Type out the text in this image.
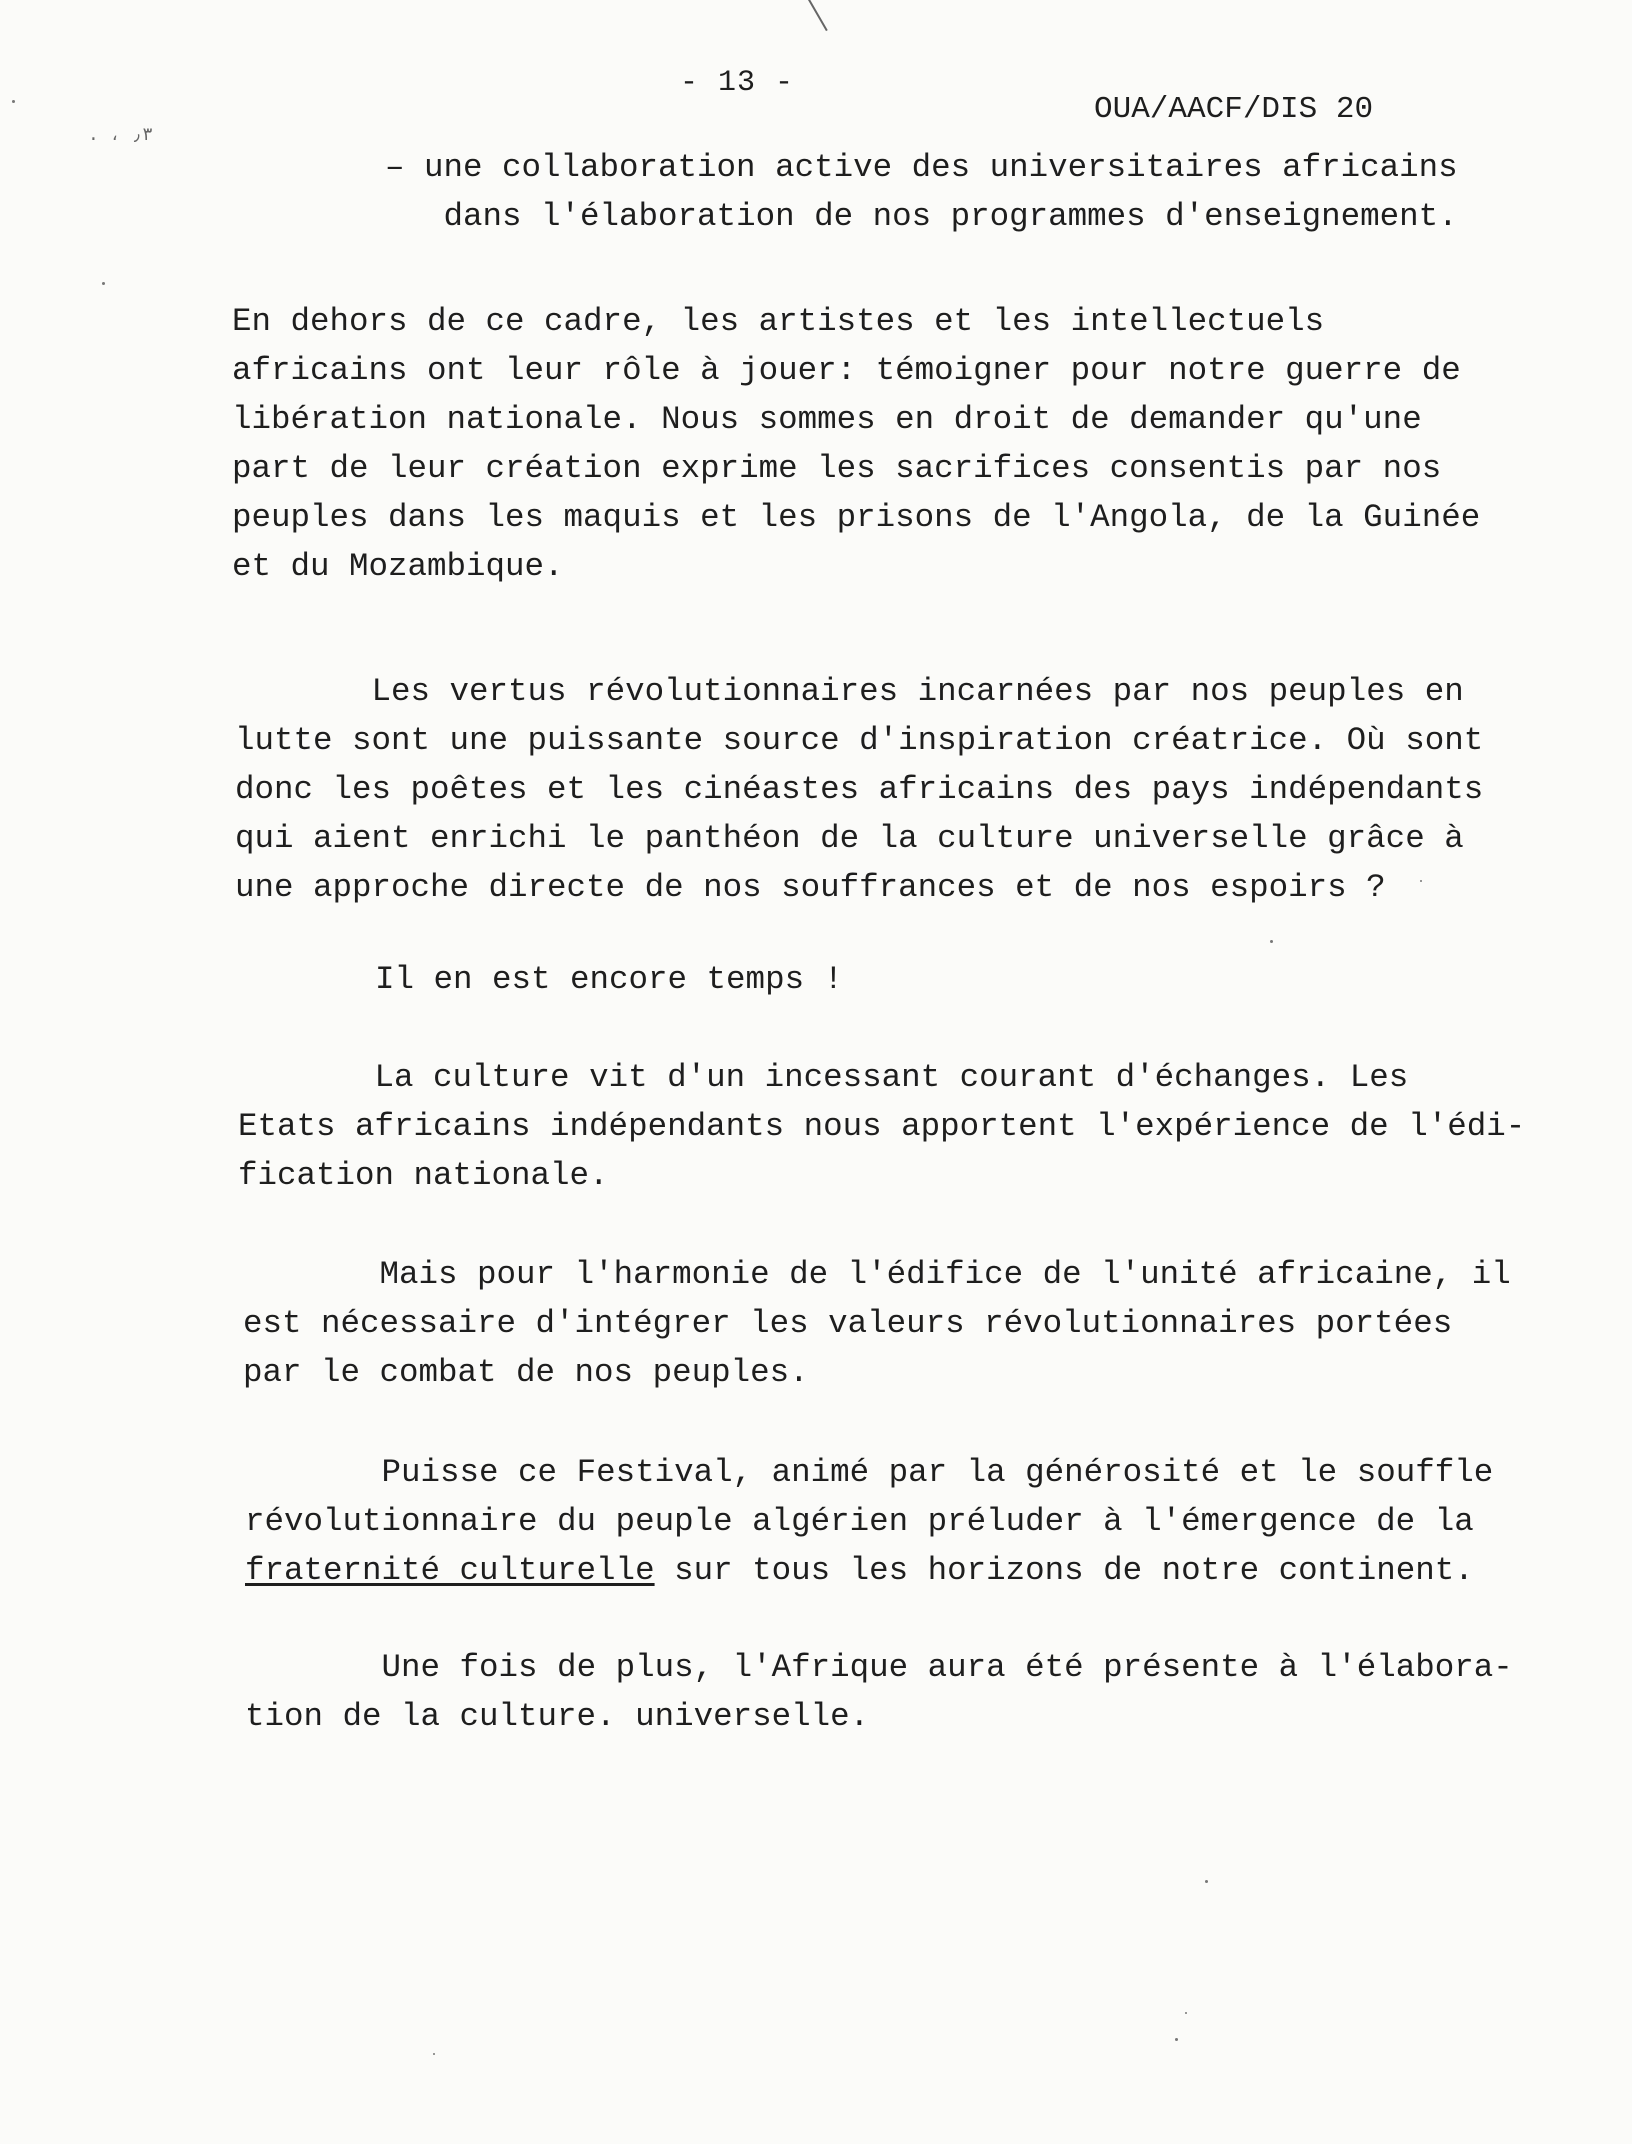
- 13 -
OUA/AACF/DIS 20
. ، ٫٣
– une collaboration active des universitaires africains
dans l'élaboration de nos programmes d'enseignement.
En dehors de ce cadre, les artistes et les intellectuels
africains ont leur rôle à jouer: témoigner pour notre guerre de
libération nationale. Nous sommes en droit de demander qu'une
part de leur création exprime les sacrifices consentis par nos
peuples dans les maquis et les prisons de l'Angola, de la Guinée
et du Mozambique.
Les vertus révolutionnaires incarnées par nos peuples en
lutte sont une puissante source d'inspiration créatrice. Où sont
donc les poêtes et les cinéastes africains des pays indépendants
qui aient enrichi le panthéon de la culture universelle grâce à
une approche directe de nos souffrances et de nos espoirs ?
Il en est encore temps !
La culture vit d'un incessant courant d'échanges. Les
Etats africains indépendants nous apportent l'expérience de l'édi-
fication nationale.
Mais pour l'harmonie de l'édifice de l'unité africaine, il
est nécessaire d'intégrer les valeurs révolutionnaires portées
par le combat de nos peuples.
Puisse ce Festival, animé par la générosité et le souffle
révolutionnaire du peuple algérien préluder à l'émergence de la
fraternité culturelle sur tous les horizons de notre continent.
Une fois de plus, l'Afrique aura été présente à l'élabora-
tion de la culture. universelle.
